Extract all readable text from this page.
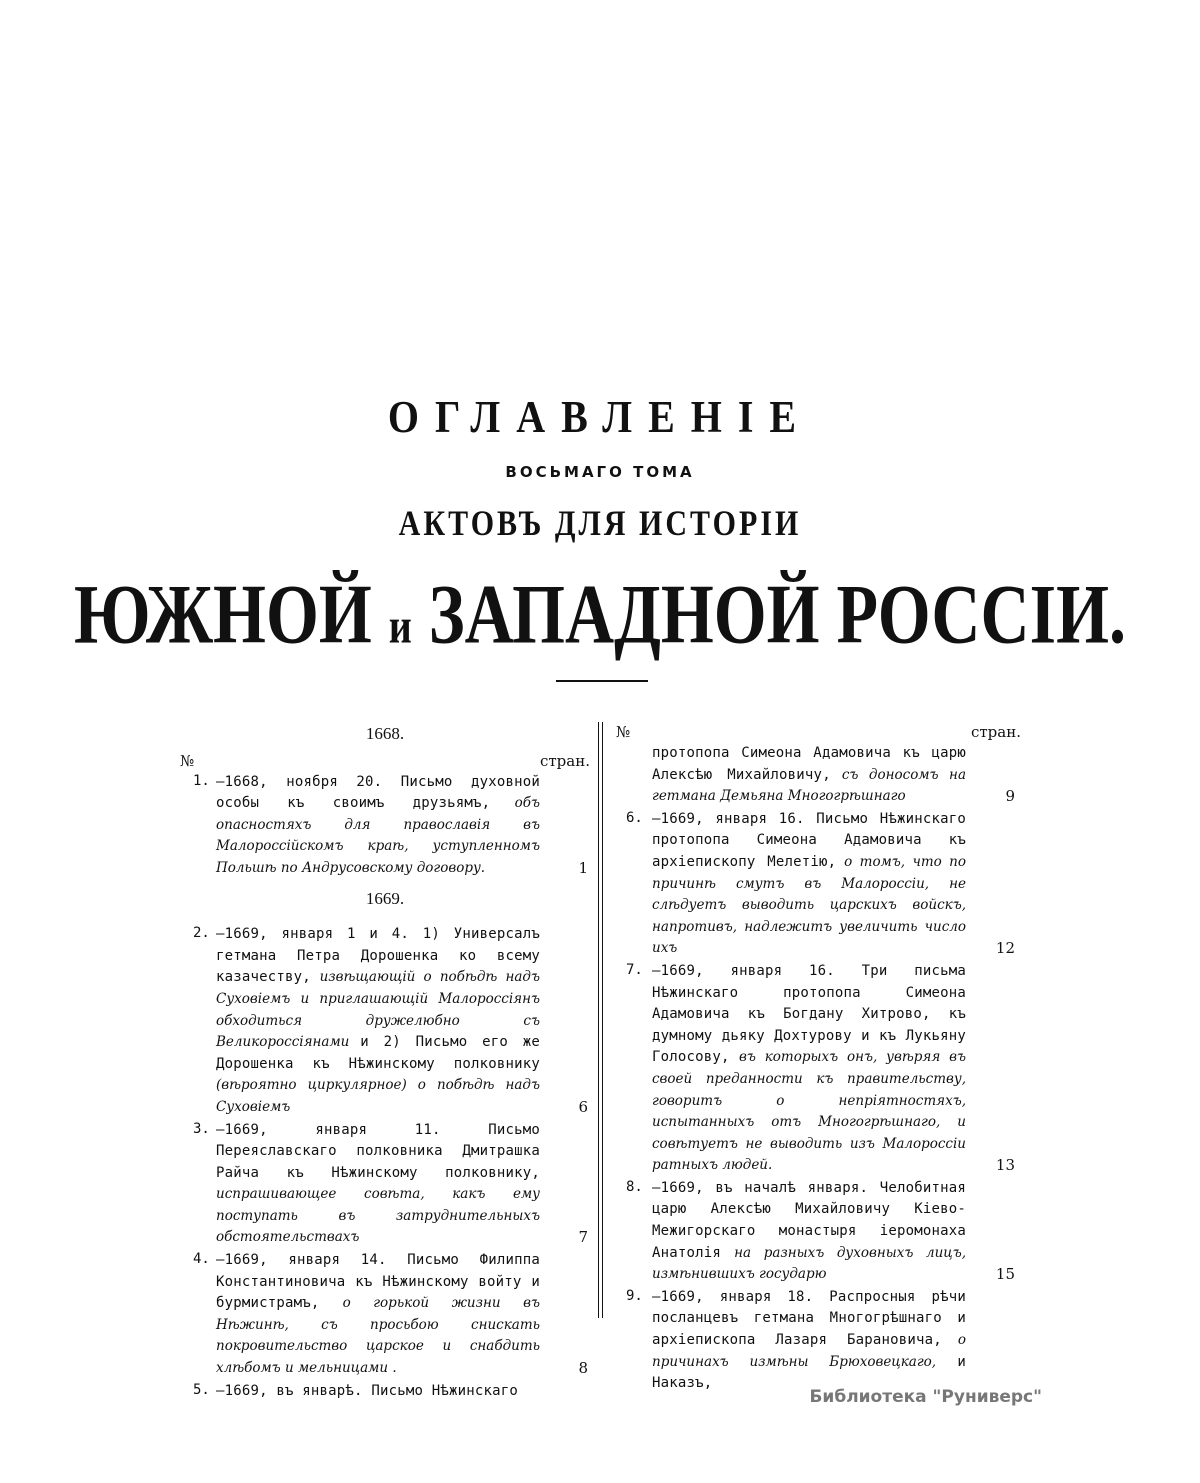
ОГЛАВЛЕНІЕ
ВОСЬМАГО ТОМА
АКТОВЪ ДЛЯ ИСТОРІИ
ЮЖНОЙ и ЗАПАДНОЙ РОССІИ.
1668.
№	стран.
1. —1668, ноября 20. Письмо духовной особы къ своимъ друзьямъ, объ опасностяхъ для православія въ Малороссійскомъ краѣ, уступленномъ Польшѣ по Андрусовскому договору.	1
1669.
2. —1669, января 1 и 4. 1) Универсалъ гетмана Петра Дорошенка ко всему казачеству, извѣщающій о побѣдѣ надъ Суховіемъ и приглашающій Малороссіянъ обходиться дружелюбно съ Великороссіянами и 2) Письмо его же Дорошенка къ Нѣжинскому полковнику (вѣроятно циркулярное) о побѣдѣ надъ Суховіемъ	6
3. —1669, января 11. Письмо Переяславскаго полковника Дмитрашка Райча къ Нѣжинскому полковнику, испрашивающее совѣта, какъ ему поступать въ затруднительныхъ обстоятельствахъ	7
4. —1669, января 14. Письмо Филиппа Константиновича къ Нѣжинскому войту и бурмистрамъ, о горькой жизни въ Нѣжинѣ, съ просьбою снискать покровительство царское и снабдить хлѣбомъ и мельницами .	8
5. —1669, въ январѣ. Письмо Нѣжинскаго
№	стран.
протопопа Симеона Адамовича къ царю Алексѣю Михайловичу, съ доносомъ на гетмана Демьяна Многогрѣшнаго	9
6. —1669, января 16. Письмо Нѣжинскаго протопопа Симеона Адамовича къ архіепископу Мелетію, о томъ, что по причинѣ смутъ въ Малороссіи, не слѣдуетъ выводить царскихъ войскъ, напротивъ, надлежитъ увеличить число ихъ	12
7. —1669, января 16. Три письма Нѣжинскаго протопопа Симеона Адамовича къ Богдану Хитрово, къ думному дьяку Дохтурову и къ Лукьяну Голосову, въ которыхъ онъ, увѣряя въ своей преданности къ правительству, говоритъ о непріятностяхъ, испытанныхъ отъ Многогрѣшнаго, и совѣтуетъ не выводить изъ Малороссіи ратныхъ людей.	13
8. —1669, въ началѣ января. Челобитная царю Алексѣю Михайловичу Кіево-Межигорскаго монастыря іеромонаха Анатолія на разныхъ духовныхъ лицъ, измѣнившихъ государю	15
9. —1669, января 18. Распросныя рѣчи посланцевъ гетмана Многогрѣшнаго и архіепископа Лазаря Барановича, о причинахъ измѣны Брюховецкаго, и Наказъ,
Библиотека "Руниверс"
